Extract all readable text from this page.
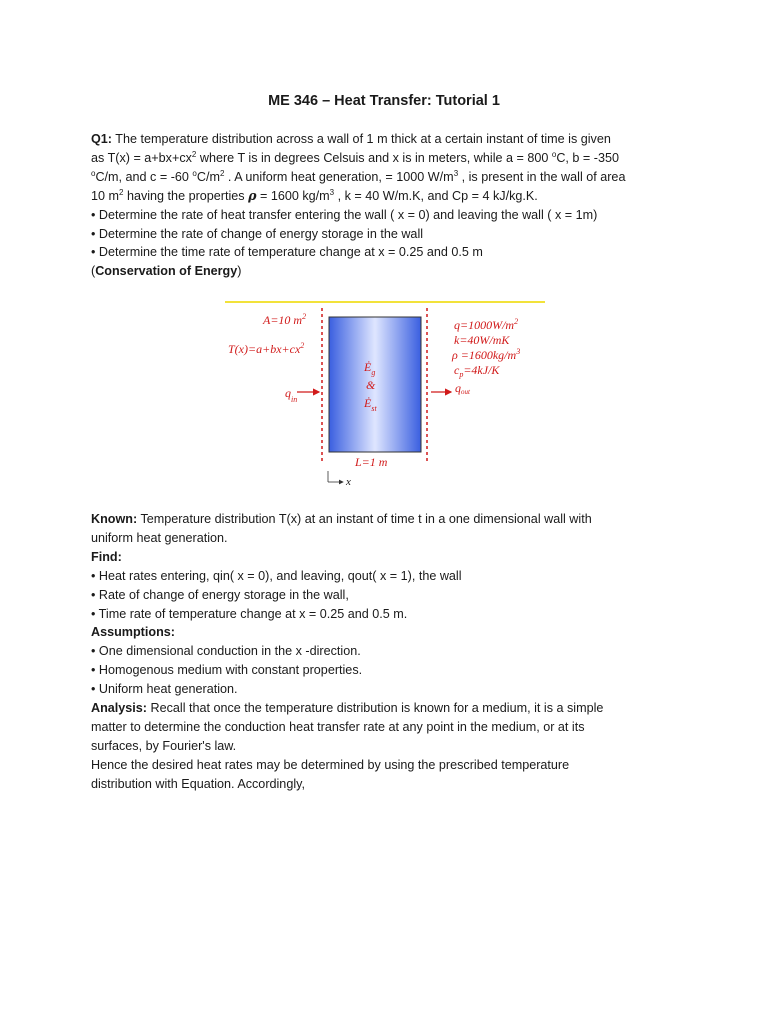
ME 346 – Heat Transfer: Tutorial 1
Q1: The temperature distribution across a wall of 1 m thick at a certain instant of time is given
as $T(x) = a+bx+cx^2$ where T is in degrees Celsuis and x is in meters, while a = 800 $^o$C, b = -350
$^o$C/m, and c = -60 $^oC/m^2$ . A uniform heat generation, = 1000 $W/m^3$ , is present in the wall of area
10 $m^2$ having the properties ρ = 1600 $kg/m^3$ , k = 40 W/m.K, and Cp = 4 kJ/kg.K.
• Determine the rate of heat transfer entering the wall ( x = 0) and leaving the wall ( x = 1m)
• Determine the rate of change of energy storage in the wall
• Determine the time rate of temperature change at x = 0.25 and 0.5 m
(Conservation of Energy)
A=10 $m^2$
$T(x)=a+bx+cx^2$
$q_{in}$
$Ė_g$
&
$Ė_{st}$
$q=1000W/m^2$
k=40W/mK
$\rho =1600kg/m^3$
$c_p=4kJ/K$
qout
L=1 m
x
Known: Temperature distribution T(x) at an instant of time t in a one dimensional wall with
uniform heat generation.
Find:
• Heat rates entering, qin( x = 0), and leaving, qout( x = 1), the wall
• Rate of change of energy storage in the wall,
• Time rate of temperature change at x = 0.25 and 0.5 m.
Assumptions:
• One dimensional conduction in the x -direction.
• Homogenous medium with constant properties.
• Uniform heat generation.
Analysis: Recall that once the temperature distribution is known for a medium, it is a simple
matter to determine the conduction heat transfer rate at any point in the medium, or at its
surfaces, by Fourier's law.
Hence the desired heat rates may be determined by using the prescribed temperature
distribution with Equation. Accordingly,
